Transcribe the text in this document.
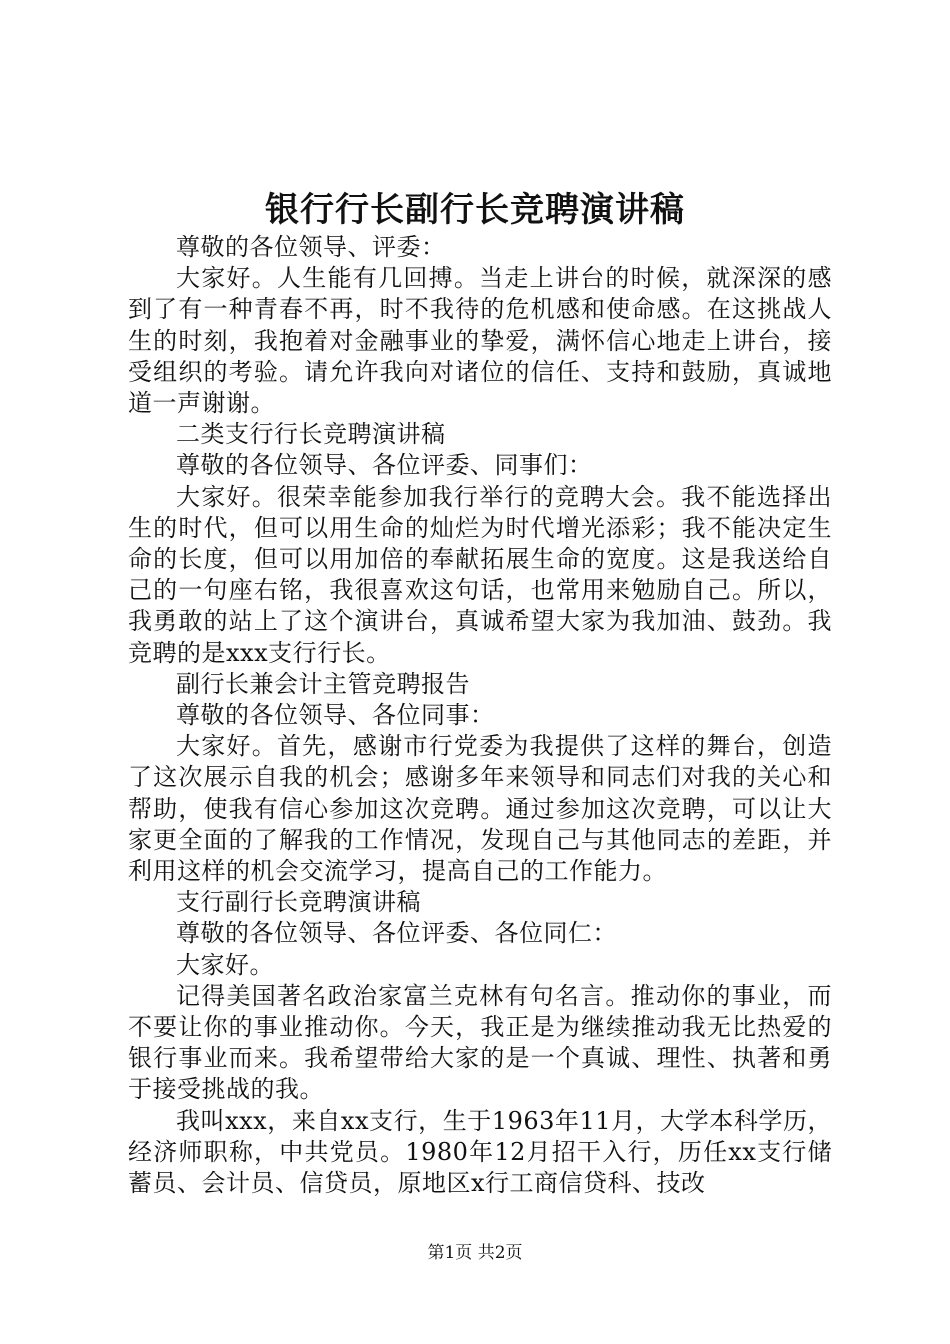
银行行长副行长竞聘演讲稿

尊敬的各位领导、评委：

大家好。人生能有几回搏。当走上讲台的时候，就深深的感到了有一种青春不再，时不我待的危机感和使命感。在这挑战人生的时刻，我抱着对金融事业的挚爱，满怀信心地走上讲台，接受组织的考验。请允许我向对诸位的信任、支持和鼓励，真诚地道一声谢谢。

二类支行行长竞聘演讲稿

尊敬的各位领导、各位评委、同事们：

大家好。很荣幸能参加我行举行的竞聘大会。我不能选择出生的时代，但可以用生命的灿烂为时代增光添彩；我不能决定生命的长度，但可以用加倍的奉献拓展生命的宽度。这是我送给自己的一句座右铭，我很喜欢这句话，也常用来勉励自己。所以，我勇敢的站上了这个演讲台，真诚希望大家为我加油、鼓劲。我竞聘的是xxx支行行长。

副行长兼会计主管竞聘报告

尊敬的各位领导、各位同事：

大家好。首先，感谢市行党委为我提供了这样的舞台，创造了这次展示自我的机会；感谢多年来领导和同志们对我的关心和帮助，使我有信心参加这次竞聘。通过参加这次竞聘，可以让大家更全面的了解我的工作情况，发现自己与其他同志的差距，并利用这样的机会交流学习，提高自己的工作能力。

支行副行长竞聘演讲稿

尊敬的各位领导、各位评委、各位同仁：

大家好。

记得美国著名政治家富兰克林有句名言。推动你的事业，而不要让你的事业推动你。今天，我正是为继续推动我无比热爱的银行事业而来。我希望带给大家的是一个真诚、理性、执著和勇于接受挑战的我。

我叫xxx，来自xx支行，生于1963年11月，大学本科学历，经济师职称，中共党员。1980年12月招干入行，历任xx支行储蓄员、会计员、信贷员，原地区x行工商信贷科、技改

第1页 共2页
